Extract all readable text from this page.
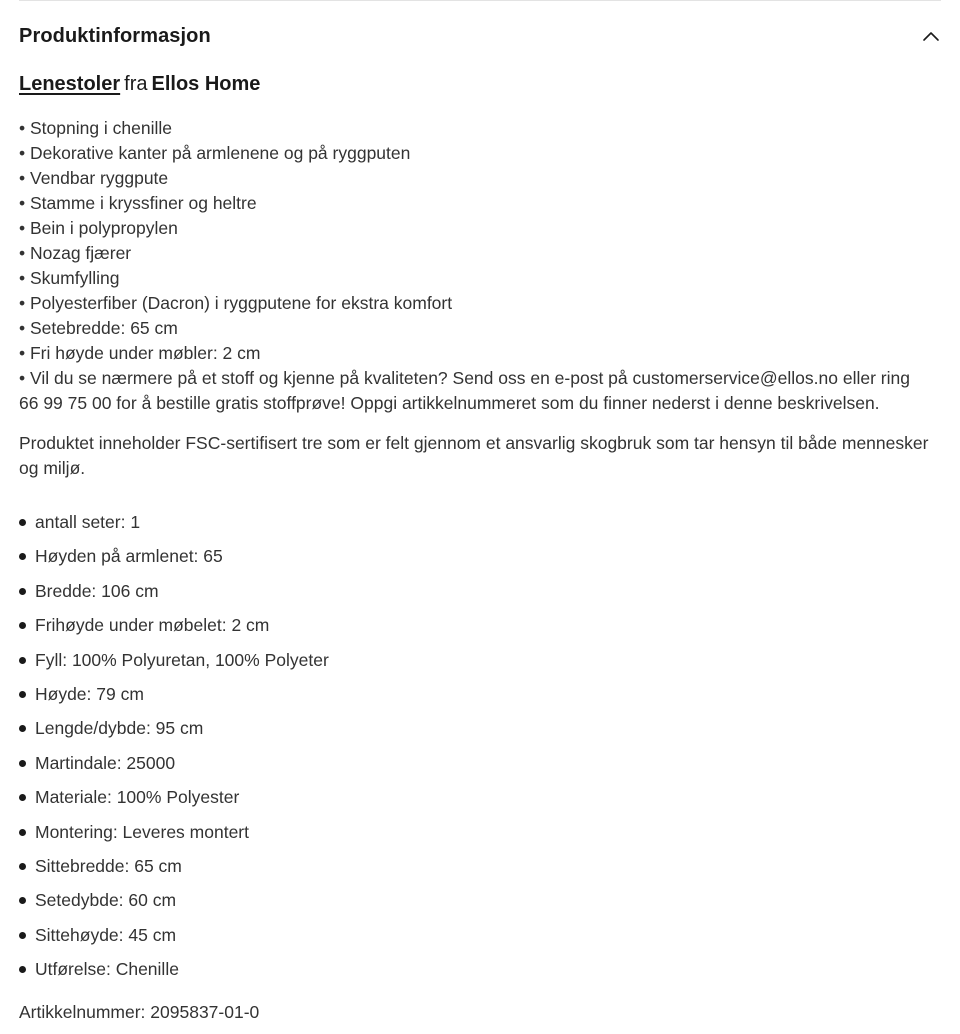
Produktinformasjon
Lenestoler fra Ellos Home
• Stopning i chenille
• Dekorative kanter på armlenene og på ryggputen
• Vendbar ryggpute
• Stamme i kryssfiner og heltre
• Bein i polypropylen
• Nozag fjærer
• Skumfylling
• Polyesterfiber (Dacron) i ryggputene for ekstra komfort
• Setebredde: 65 cm
• Fri høyde under møbler: 2 cm
• Vil du se nærmere på et stoff og kjenne på kvaliteten? Send oss en e-post på customerservice@ellos.no eller ring 66 99 75 00 for å bestille gratis stoffprøve! Oppgi artikkelnummeret som du finner nederst i denne beskrivelsen.
Produktet inneholder FSC-sertifisert tre som er felt gjennom et ansvarlig skogbruk som tar hensyn til både mennesker og miljø.
antall seter: 1
Høyden på armlenet: 65
Bredde: 106 cm
Frihøyde under møbelet: 2 cm
Fyll: 100% Polyuretan, 100% Polyeter
Høyde: 79 cm
Lengde/dybde: 95 cm
Martindale: 25000
Materiale: 100% Polyester
Montering: Leveres montert
Sittebredde: 65 cm
Setedybde: 60 cm
Sittehøyde: 45 cm
Utførelse: Chenille
Artikkelnummer: 2095837-01-0
